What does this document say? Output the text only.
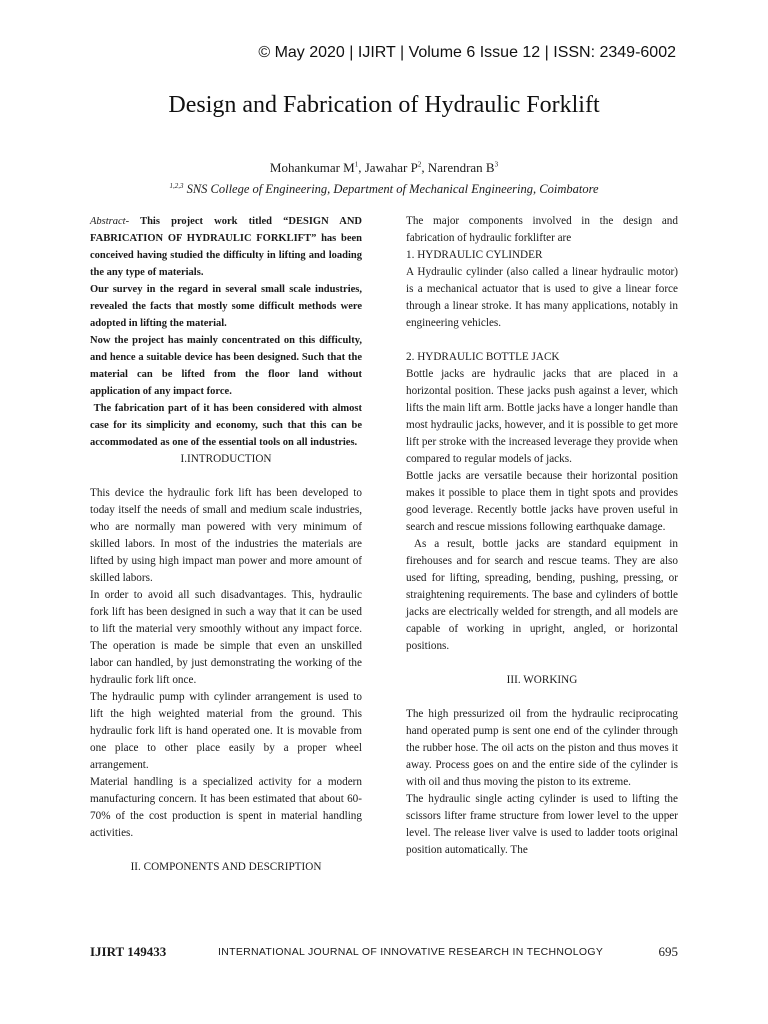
© May 2020 | IJIRT | Volume 6 Issue 12 | ISSN: 2349-6002
Design and Fabrication of Hydraulic Forklift
Mohankumar $M^1$, Jawahar $P^2$, Narendran $B^3$
$^{1,2,3}$ SNS College of Engineering, Department of Mechanical Engineering, Coimbatore

Abstract- This project work titled “DESIGN AND FABRICATION OF HYDRAULIC FORKLIFT” has been conceived having studied the difficulty in lifting and loading the any type of materials.

Our survey in the regard in several small scale industries, revealed the facts that mostly some difficult methods were adopted in lifting the material.

Now the project has mainly concentrated on this difficulty, and hence a suitable device has been designed. Such that the material can be lifted from the floor land without application of any impact force.

The fabrication part of it has been considered with almost case for its simplicity and economy, such that this can be accommodated as one of the essential tools on all industries.

I.INTRODUCTION

This device the hydraulic fork lift has been developed to today itself the needs of small and medium scale industries, who are normally man powered with very minimum of skilled labors. In most of the industries the materials are lifted by using high impact man power and more amount of skilled labors.

In order to avoid all such disadvantages. This, hydraulic fork lift has been designed in such a way that it can be used to lift the material very smoothly without any impact force. The operation is made be simple that even an unskilled labor can handled, by just demonstrating the working of the hydraulic fork lift once.

The hydraulic pump with cylinder arrangement is used to lift the high weighted material from the ground. This hydraulic fork lift is hand operated one. It is movable from one place to other place easily by a proper wheel arrangement.

Material handling is a specialized activity for a modern manufacturing concern. It has been estimated that about 60-70% of the cost production is spent in material handling activities.

II. COMPONENTS AND DESCRIPTION

The major components involved in the design and fabrication of hydraulic forklifter are

1. HYDRAULIC CYLINDER

A Hydraulic cylinder (also called a linear hydraulic motor) is a mechanical actuator that is used to give a linear force through a linear stroke. It has many applications, notably in engineering vehicles.

2. HYDRAULIC BOTTLE JACK

Bottle jacks are hydraulic jacks that are placed in a horizontal position. These jacks push against a lever, which lifts the main lift arm. Bottle jacks have a longer handle than most hydraulic jacks, however, and it is possible to get more lift per stroke with the increased leverage they provide when compared to regular models of jacks.

Bottle jacks are versatile because their horizontal position makes it possible to place them in tight spots and provides good leverage. Recently bottle jacks have proven useful in search and rescue missions following earthquake damage.

As a result, bottle jacks are standard equipment in firehouses and for search and rescue teams. They are also used for lifting, spreading, bending, pushing, pressing, or straightening requirements. The base and cylinders of bottle jacks are electrically welded for strength, and all models are capable of working in upright, angled, or horizontal positions.

III. WORKING

The high pressurized oil from the hydraulic reciprocating hand operated pump is sent one end of the cylinder through the rubber hose. The oil acts on the piston and thus moves it away. Process goes on and the entire side of the cylinder is with oil and thus moving the piston to its extreme.

The hydraulic single acting cylinder is used to lifting the scissors lifter frame structure from lower level to the upper level. The release liver valve is used to ladder toots original position automatically. The

IJIRT 149433	INTERNATIONAL JOURNAL OF INNOVATIVE RESEARCH IN TECHNOLOGY	695
